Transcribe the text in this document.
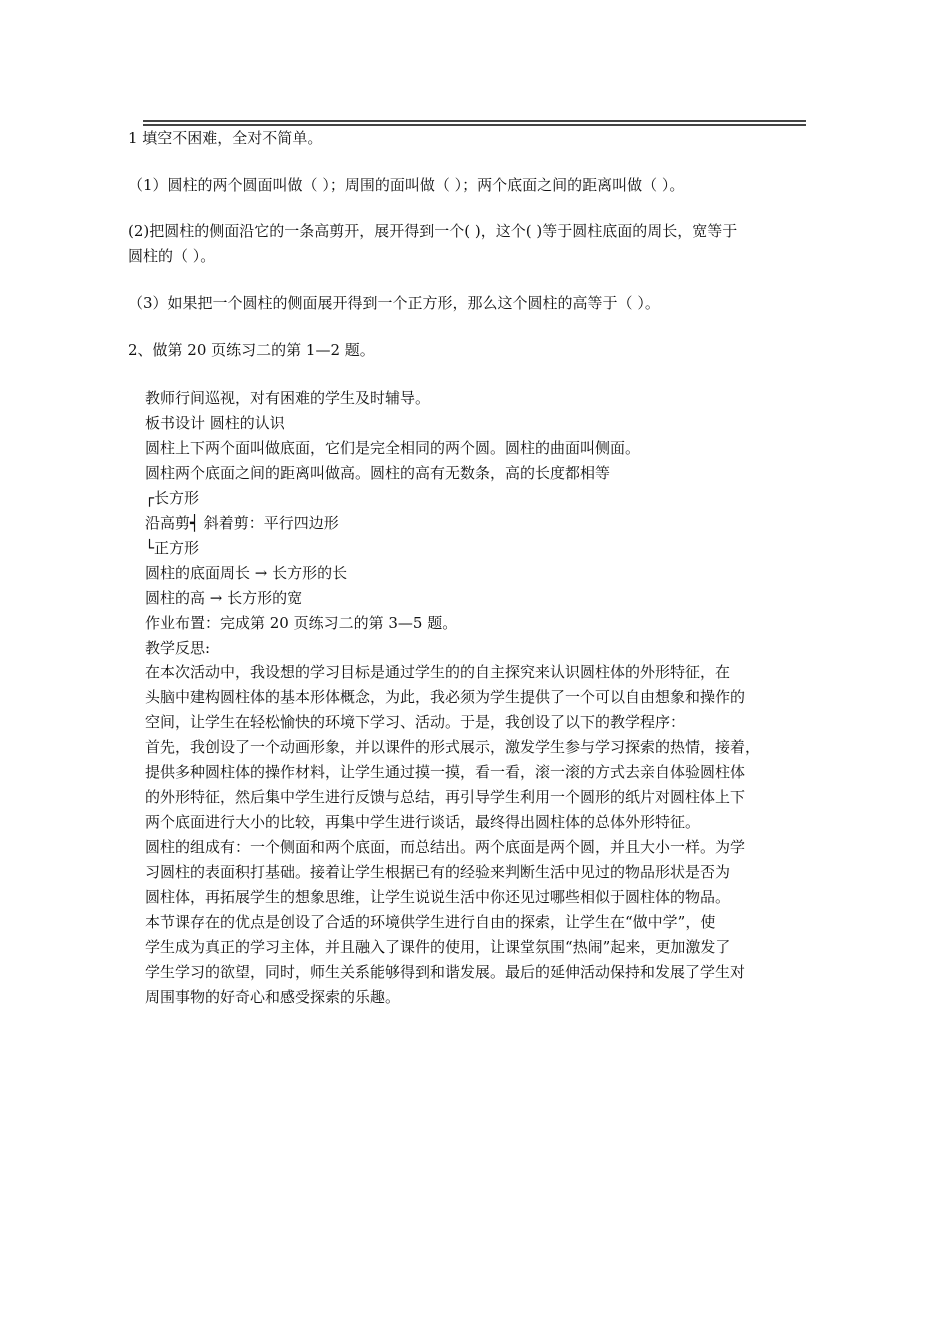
1 填空不困难，全对不简单。
（1）圆柱的两个圆面叫做（ ）；周围的面叫做（ ）；两个底面之间的距离叫做（ ）。
(2)把圆柱的侧面沿它的一条高剪开，展开得到一个( )，这个( )等于圆柱底面的周长，宽等于
圆柱的（ ）。
（3）如果把一个圆柱的侧面展开得到一个正方形，那么这个圆柱的高等于（ ）。
2、做第 20 页练习二的第 1—2 题。
教师行间巡视，对有困难的学生及时辅导。
板书设计 圆柱的认识
圆柱上下两个面叫做底面，它们是完全相同的两个圆。圆柱的曲面叫侧面。
圆柱两个底面之间的距离叫做高。圆柱的高有无数条，高的长度都相等
┌长方形
沿高剪┥ 斜着剪：平行四边形
└正方形
圆柱的底面周长 → 长方形的长
圆柱的高 → 长方形的宽
作业布置：完成第 20 页练习二的第 3—5 题。
教学反思:
在本次活动中，我设想的学习目标是通过学生的的自主探究来认识圆柱体的外形特征，在
头脑中建构圆柱体的基本形体概念，为此，我必须为学生提供了一个可以自由想象和操作的
空间，让学生在轻松愉快的环境下学习、活动。于是，我创设了以下的教学程序：
首先，我创设了一个动画形象，并以课件的形式展示，激发学生参与学习探索的热情，接着，
提供多种圆柱体的操作材料，让学生通过摸一摸，看一看，滚一滚的方式去亲自体验圆柱体
的外形特征，然后集中学生进行反馈与总结，再引导学生利用一个圆形的纸片对圆柱体上下
两个底面进行大小的比较，再集中学生进行谈话，最终得出圆柱体的总体外形特征。
圆柱的组成有：一个侧面和两个底面，而总结出。两个底面是两个圆，并且大小一样。为学
习圆柱的表面积打基础。接着让学生根据已有的经验来判断生活中见过的物品形状是否为
圆柱体，再拓展学生的想象思维，让学生说说生活中你还见过哪些相似于圆柱体的物品。
本节课存在的优点是创设了合适的环境供学生进行自由的探索，让学生在“做中学”，使
学生成为真正的学习主体，并且融入了课件的使用，让课堂氛围“热闹”起来，更加激发了
学生学习的欲望，同时，师生关系能够得到和谐发展。最后的延伸活动保持和发展了学生对
周围事物的好奇心和感受探索的乐趣。
